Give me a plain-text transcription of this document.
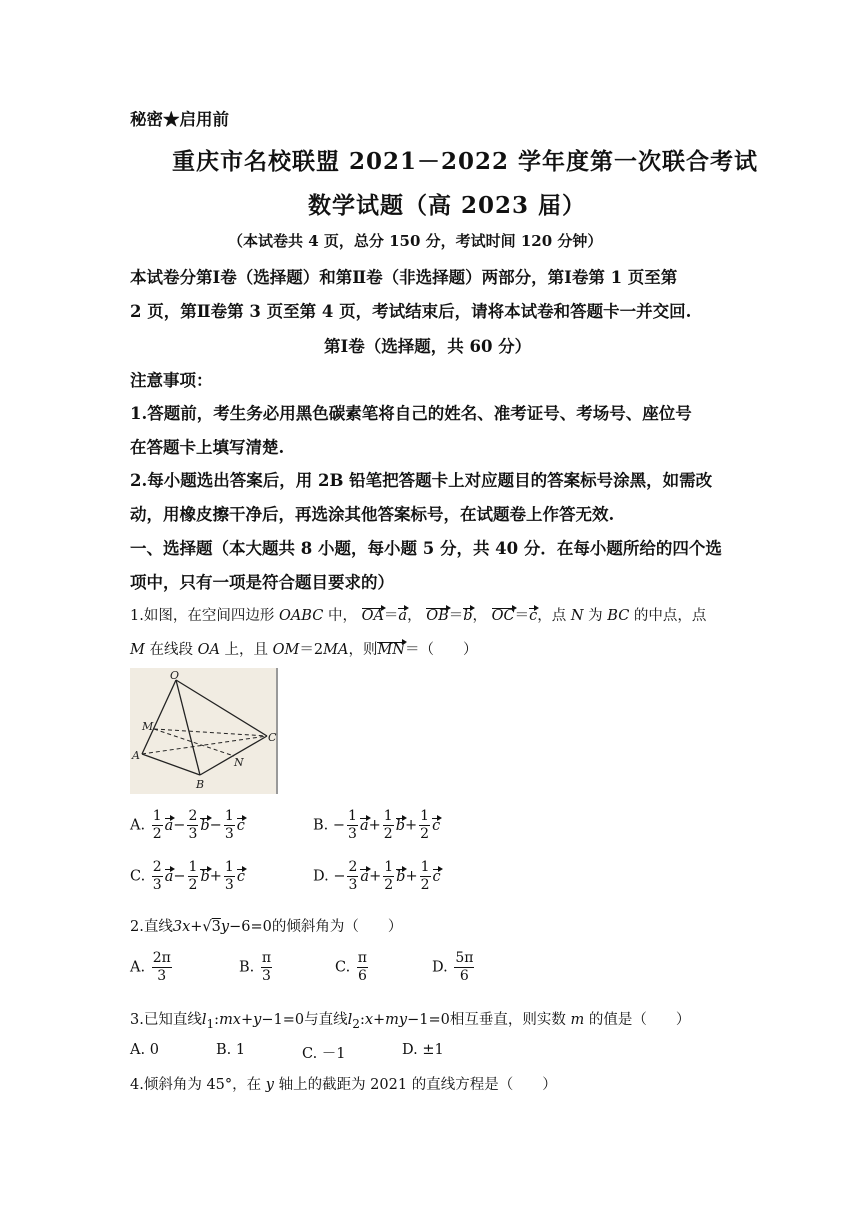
秘密★启用前
重庆市名校联盟 2021－2022 学年度第一次联合考试
数学试题（高 2023 届）
（本试卷共 4 页，总分 150 分，考试时间 120 分钟）
本试卷分第Ⅰ卷（选择题）和第Ⅱ卷（非选择题）两部分，第Ⅰ卷第 1 页至第
2 页，第Ⅱ卷第 3 页至第 4 页，考试结束后，请将本试卷和答题卡一并交回.
第Ⅰ卷（选择题，共 60 分）
注意事项：
1.答题前，考生务必用黑色碳素笔将自己的姓名、准考证号、考场号、座位号
在答题卡上填写清楚.
2.每小题选出答案后，用 2B 铅笔把答题卡上对应题目的答案标号涂黑，如需改
动，用橡皮擦干净后，再选涂其他答案标号，在试题卷上作答无效.
一、选择题（本大题共 8 小题，每小题 5 分，共 40 分．在每小题所给的四个选
项中，只有一项是符合题目要求的）
1.如图，在空间四边形 OABC 中， OA＝a， OB＝b， OC＝c，点 N 为 BC 的中点，点
M 在线段 OA 上，且 OM＝2MA，则MN＝（　　）
O
M
A
B
N
C
A. $\frac{1}{2} a- \frac{2}{3} b- \frac{1}{3}$ c	B. − $\frac{1}{3} a+ \frac{1}{2} b+ \frac{1}{2}$ c
C. $\frac{2}{3} a- \frac{1}{2} b+ \frac{1}{3}$ c	D. − $\frac{2}{3} a+ \frac{1}{2} b+ \frac{1}{2}$ c
2.直线3x+√3y−6=0的倾斜角为（　　）
A. $\frac{2\pi}{3}$	B. $\frac{\pi}{3}$	C. $\frac{\pi}{6}$	D. $\frac{5\pi}{6}$
3.已知直线$l_1:mx+y-1=0$与直线$l_2:x+my-1=0$相互垂直，则实数 m 的值是（　　）
A. 0	B. 1	C. －1	D. ±1
4.倾斜角为 45°，在 y 轴上的截距为 2021 的直线方程是（　　）
